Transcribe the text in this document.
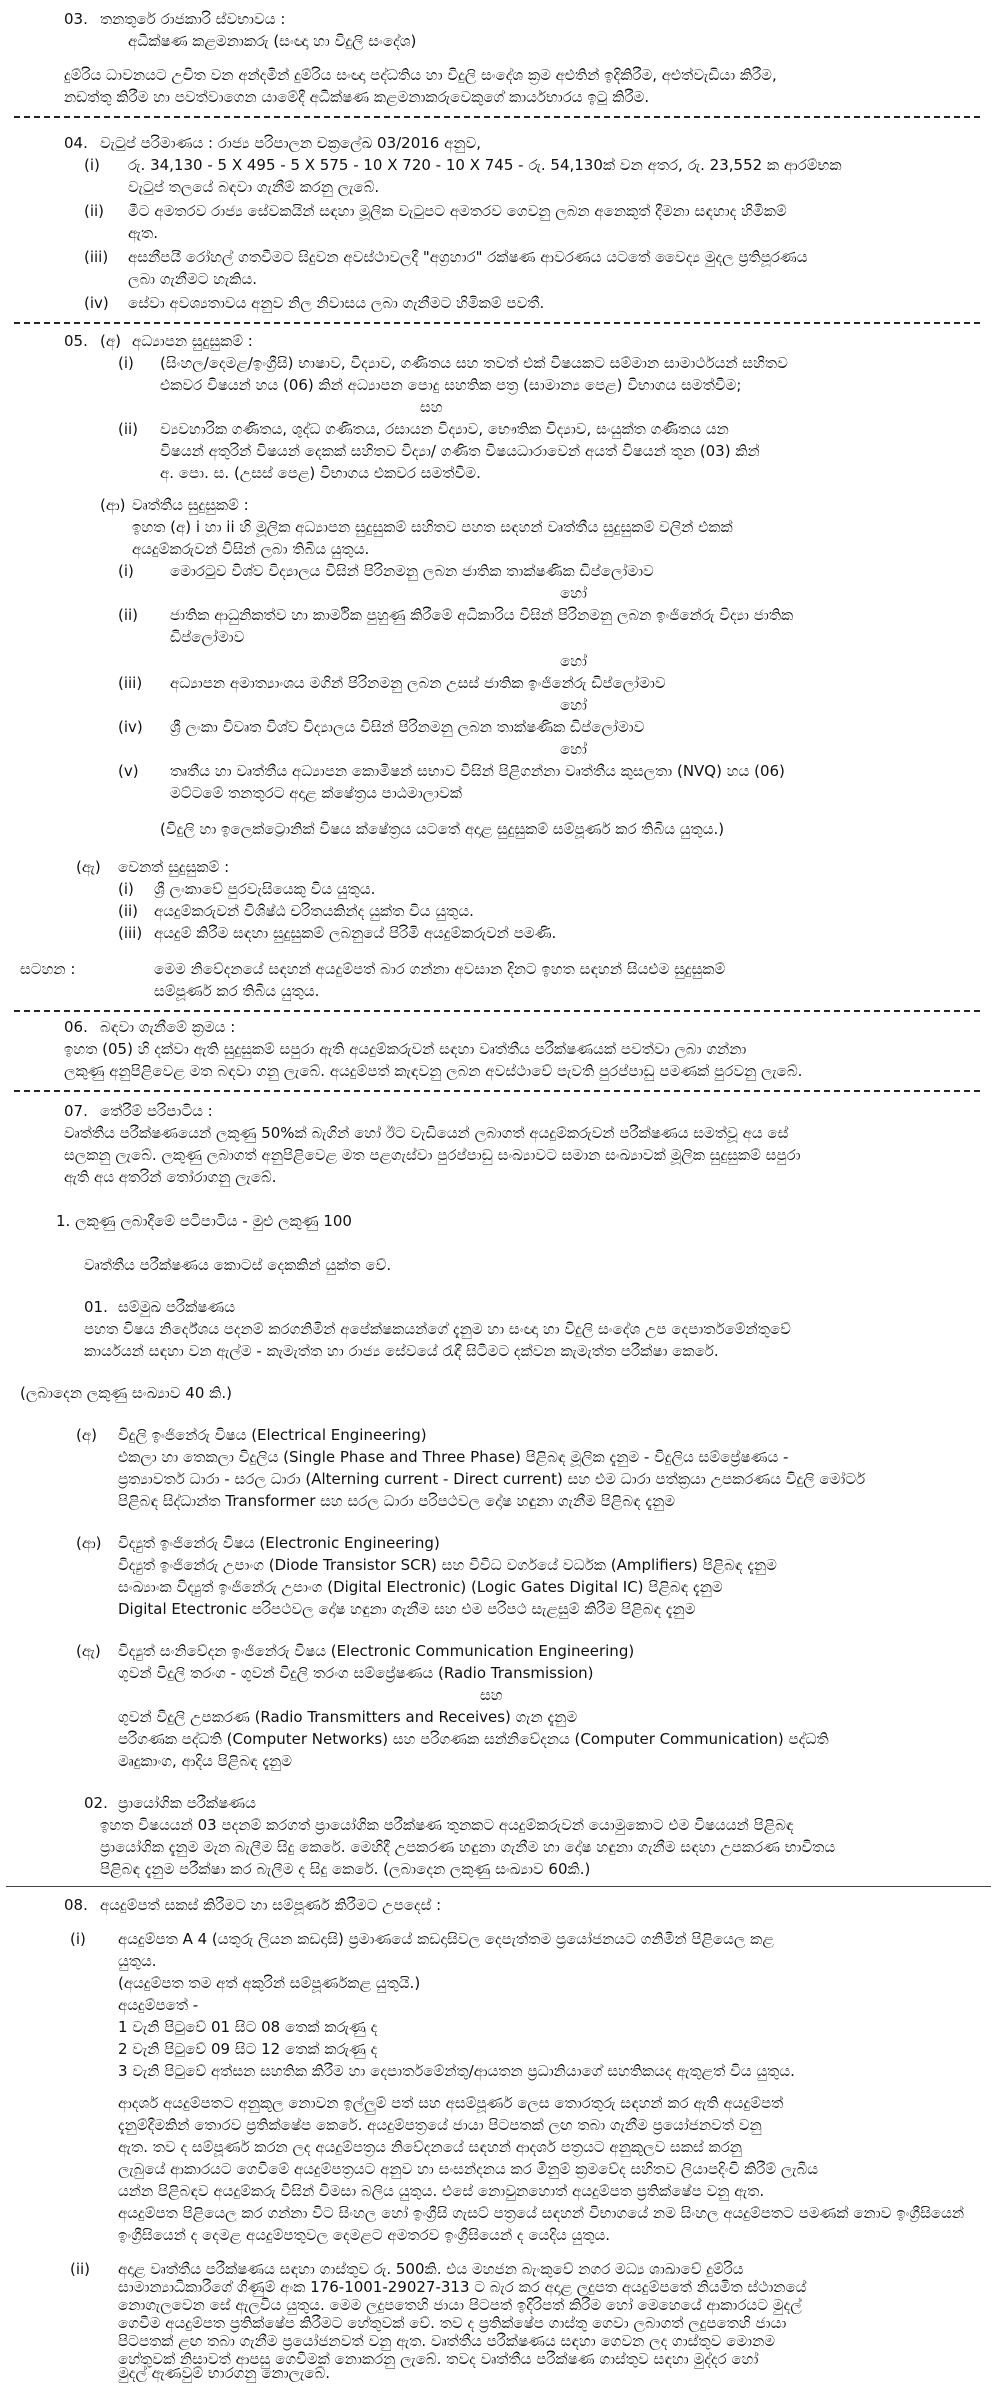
03. තනතුරේ රාජකාරි ස්වභාවය :
අධීක්ෂණ කළමනාකරු (සංඥා හා විදුලි සංදේශ)
දුම්රිය ධාවනයට උචිත වන අන්දමින් දුම්රිය සංඥා පද්ධතිය හා විදුලි සංදේශ ක්‍රම අළුතින් ඉදිකිරීම, අළුත්වැඩියා කිරීම,
නඩත්තු කිරීම හා පවත්වාගෙන යාමේදී අධීක්ෂණ කළමනාකරුවෙකුගේ කාර්යභාරය ඉටු කිරීම.
04. වැටුප් පරිමාණය : රාජ්‍ය පරිපාලන චක්‍රලේඛ 03/2016 අනුව,
(i) රු. 34,130 - 5 X 495 - 5 X 575 - 10 X 720 - 10 X 745 - රු. 54,130ක් වන අතර, රු. 23,552 ක ආරම්භක
වැටුප් තලයේ බඳවා ගැනීම් කරනු ලැබේ.
(ii) මීට අමතරව රාජ්‍ය සේවකයින් සඳහා මූලික වැටුපට අමතරව ගෙවනු ලබන අනෙකුත් දීමනා සඳහාද හිමිකම්
ඇත.
(iii) අසනීපයී රෝහල් ගතවීමට සිදුවන අවස්ථාවලදී "අග්‍රහාර" රක්ෂණ ආවරණය යටතේ වෛද්‍ය මුදල ප්‍රතිපූරණය
ලබා ගැනීමට හැකිය.
(iv) සේවා අවශ්‍යතාවය අනුව නිල නිවාසය ලබා ගැනීමට හිමිකම් පවතී.
05. (අ) අධ්‍යාපන සුදුසුකම් :
(i) (සිංහල/දෙමළ/ඉංග්‍රීසි) භාෂාව, විද්‍යාව, ගණිතය සහ තවත් එක් විෂයකට සම්මාන සාමාර්ථයන් සහිතව
එකවර විෂයන් හය (06) කින් අධ්‍යාපන පොදු සහතික පත්‍ර (සාමාන්‍ය පෙළ) විභාගය සමත්වීම;
සහ
(ii) ව්‍යවහාරික ගණිතය, ශුද්ධ ගණිතය, රසායන විද්‍යාව, භෞතික විද්‍යාව, සංයුක්ත ගණිතය යන
විෂයන් අතුරින් විෂයන් දෙකක් සහිතව විද්‍යා/ ගණිත විෂයධාරාවෙන් අයත් විෂයන් තුන (03) කින්
අ. පො. ස. (උසස් පෙළ) විභාගය එකවර සමත්වීම.
(ආ) වෘත්තීය සුදුසුකම් :
ඉහත (අ) i හා ii හි මූලික අධ්‍යාපන සුදුසුකම් සහිතව පහත සඳහන් වෘත්තීය සුදුසුකම් වලින් එකක්
අයදුම්කරුවන් විසින් ලබා තිබිය යුතුය.
(i) මොරටුව විශ්ව විද්‍යාලය විසින් පිරිනමනු ලබන ජාතික තාක්ෂණික ඩිප්ලෝමාව
හෝ
(ii) ජාතික ආධුනිකත්ව හා කාර්මික පුහුණු කිරීමේ අධිකාරිය විසින් පිරිනමනු ලබන ඉංජිනේරු විද්‍යා ජාතික
ඩිප්ලෝමාව
හෝ
(iii) අධ්‍යාපන අමාත්‍යාංශය මගින් පිරිනමනු ලබන උසස් ජාතික ඉංජිනේරු ඩිප්ලෝමාව
හෝ
(iv) ශ්‍රී ලංකා විවෘත විශ්ව විද්‍යාලය විසින් පිරිනමනු ලබන තාක්ෂණික ඩිප්ලෝමාව
හෝ
(v) තෘතීය හා වෘත්තීය අධ්‍යාපන කොමිෂන් සභාව විසින් පිළිගන්නා වෘත්තීය කුසලතා (NVQ) හය (06)
මට්ටමේ තනතුරට අදාළ ක්ෂේත්‍රය පාඨමාලාවක්
(විදුලි හා ඉලෙක්ට්‍රොනික් විෂය ක්ෂේත්‍රය යටතේ අදාළ සුදුසුකම් සම්පූර්ණ කර තිබිය යුතුය.)
(ඇ) වෙනත් සුදුසුකම් :
(i) ශ්‍රී ලංකාවේ පුරවැසියෙකු විය යුතුය.
(ii) අයදුම්කරුවන් විශිෂ්ඨ චරිතයකින්ද යුක්ත විය යුතුය.
(iii) අයදුම් කිරීම සඳහා සුදුසුකම් ලබනුයේ පිරිමි අයදුම්කරුවන් පමණි.
සටහන :	මෙම නිවේදනයේ සඳහන් අයදුම්පත් බාර ගන්නා අවසාන දිනට ඉහත සඳහන් සියළුම සුදුසුකම්
සම්පූර්ණ කර තිබිය යුතුය.
06. බඳවා ගැනීමේ ක්‍රමය :
ඉහත (05) හි දක්වා ඇති සුදුසුකම් සපුරා ඇති අයදුම්කරුවන් සඳහා වෘත්තීය පරීක්ෂණයක් පවත්වා ලබා ගන්නා
ලකුණු අනුපිළිවෙළ මත බඳවා ගනු ලැබේ. අයදුම්පත් කැඳවනු ලබන අවස්ථාවේ පැවති පුරප්පාඩු පමණක් පුරවනු ලැබේ.
07. තේරීම් පරිපාටිය :
වෘත්තීය පරීක්ෂණයෙන් ලකුණු 50%ක් බැගින් හෝ ඊට වැඩියෙන් ලබාගත් අයදුම්කරුවන් පරීක්ෂණය සමත්වූ අය සේ
සලකනු ලැබේ. ලකුණු ලබාගත් අනුපිළිවෙළ මත පළගැස්වා පුරප්පාඩු සංඛ්‍යාවට සමාන සංඛ්‍යාවක් මූලික සුදුසුකම් සපුරා
ඇති අය අතරින් තෝරාගනු ලැබේ.
1. ලකුණු ලබාදීමේ පටිපාටිය - මුළු ලකුණු 100
වෘත්තීය පරීක්ෂණය කොටස් දෙකකින් යුක්ත වේ.
01. සම්මුඛ පරීක්ෂණය
පහත විෂය නිර්දේශය පදනම් කරගනිමින් අපේක්ෂකයන්ගේ දැනුම හා සංඥා හා විදුලි සංදේශ උප දෙපාර්තමේන්තුවේ
කාර්යයන් සඳහා වන ඇල්ම - කැමැත්ත හා රාජ්‍ය සේවයේ රැඳී සිටීමට දක්වන කැමැත්ත පරීක්ෂා කෙරේ.
(ලබාදෙන ලකුණු සංඛ්‍යාව 40 කි.)
(අ) විදුලි ඉංජිනේරු විෂය (Electrical Engineering)
එකලා හා තෙකලා විදුලිය (Single Phase and Three Phase) පිළිබඳ මූලික දැනුම - විදුලිය සම්ප්‍රේෂණය -
ප්‍රත්‍යාවර්ත ධාරා - සරල ධාරා (Alterning current - Direct current) සහ එම ධාරා පත්ක්‍රයා උපකරණය විදුලි මෝටර්
පිළිබඳ සිද්ධාන්ත Transformer සහ සරල ධාරා පරිපථවල දෝෂ හඳුනා ගැනීම පිළිබඳ දැනුම
(ආ) විද්‍යුත් ඉංජිනේරු විෂය (Electronic Engineering)
විද්‍යුත් ඉංජිනේරු උපාංග (Diode Transistor SCR) සහ විවිධ වර්ගයේ වර්ධක (Amplifiers) පිළිබඳ දැනුම
සංඛ්‍යාංක විද්‍යුත් ඉංජිනේරු උපාංග (Digital Electronic) (Logic Gates Digital IC) පිළිබඳ දැනුම
Digital Etectronic පරිපථවල දෝෂ හඳුනා ගැනීම සහ එම පරිපථ සැළසුම් කිරීම පිළිබඳ දැනුම
(ඇ) විද්‍යුත් සංනිවේදන ඉංජිනේරු විෂය (Electronic Communication Engineering)
ගුවන් විදුලි තරංග - ගුවන් විදුලි තරංග සම්ප්‍රේෂණය (Radio Transmission)
සහ
ගුවන් විදුලි උපකරණ (Radio Transmitters and Receives) ගැන දැනුම
පරිගණක පද්ධති (Computer Networks) සහ පරිගණක සන්නිවේදනය (Computer Communication) පද්ධති
මෘදුකාංග, ආදිය පිළිබඳ දැනුම
02. ප්‍රායෝගික පරීක්ෂණය
ඉහත විෂයයන් 03 පදනම් කරගත් ප්‍රායෝගික පරීක්ෂණ තුනකට අයදුම්කරුවන් යොමුකොට එම විෂයයන් පිළිබඳ
ප්‍රායෝගික දැනුම මැන බැලීම සිදු කෙරේ. මෙහිදී උපකරණ හඳුනා ගැනීම හා දෝෂ හඳුනා ගැනීම සඳහා උපකරණ භාවිතය
පිළිබඳ දැනුම පරීක්ෂා කර බැලීම ද සිදු කෙරේ. (ලබාදෙන ලකුණු සංඛ්‍යාව 60කි.)
08. අයදුම්පත් සකස් කිරීමට හා සම්පූර්ණ කිරීමට උපදෙස් :
(i) අයදුම්පත A 4 (යතුරු ලියන කඩදාසි) ප්‍රමාණයේ කඩදාසිවල දෙපැත්තම ප්‍රයෝජනයට ගනිමින් පිළියෙල කළ
යුතුය.
(අයදුම්පත තම අත් අකුරින් සම්පූර්ණකළ යුතුයි.)
අයදුම්පතේ -
1 වැනි පිටුවේ 01 සිට 08 තෙක් කරුණු ද
2 වැනි පිටුවේ 09 සිට 12 තෙක් කරුණු ද
3 වැනි පිටුවේ අත්සන සහතික කිරීම හා දෙපාර්තමේන්තු/ආයතන ප්‍රධානියාගේ සහතිකයද ඇතුළත් විය යුතුය.
ආදර්ශ අයදුම්පතට අනුකූල නොවන ඉල්ලුම් පත් සහ අසම්පූර්ණ ලෙස තොරතුරු සඳහන් කර ඇති අයදුම්පත්
දැනුම්දීමකින් තොරව ප්‍රතික්ෂේප කෙරේ. අයදුම්පත්‍රයේ ජායා පිටපතක් ලඟ තබා ගැනීම ප්‍රයෝජනවත් වනු
ඇත. තව ද සම්පූර්ණ කරන ලද අයදුම්පත්‍රය නිවේදනයේ සඳහන් ආදර්ශ පත්‍රයට අනුකූලව සකස් කරනු
ලැබුයේ ආකාරයට ගෙවීමේ අයදුම්පත්‍රයට අනුව හා සංසන්දනය කර මිනුම් ක්‍රමවේද සහිතව ලියාපදිංචි කිරීම් ලැබිය
යන්න පිළිබඳව අයදුම්කරු විසින් විමසා බලිය යුතුය. එසේ නොවුනහොත් අයදුම්පත ප්‍රතික්ෂේප වනු ඇත.
අයදුම්පත පිළියෙල කර ගන්නා විට සිංහල හෝ ඉංග්‍රීසි ගැසට් පත්‍රයේ සඳහන් විභාගයේ නම සිංහල අයදුම්පතට පමණක් නොව ඉංග්‍රීසියෙන්
ඉංග්‍රීසියෙන් ද දෙමළ අයදුම්පතුවල දෙමළට අමතරව ඉංග්‍රීසියෙන් ද යෙදිය යුතුය.
(ii) අදාළ වෘත්තීය පරීක්ෂණය සඳහා ගාස්තුව රු. 500කි. එය මහජන බැංකුවේ නගර මධ්‍ය ශාඛාවේ දුම්රිය
සාමාන්‍යාධිකාරීගේ ගිණුම් අංක 176-1001-29027-313 ට බැර කර අදාළ ලදුපත අයදුම්පතේ නියමිත ස්ථානයේ
නොගැලවෙන සේ ඇලවිය යුතුය. මෙම ලදුපතෙහි ජායා පිටපත් ඉදිරිපත් කිරීම හෝ මෙහෙයේ ආකාරයට මුදල්
ගෙවීම අයදුම්පත ප්‍රතික්ෂේප කිරීමට හේතුවක් වේ. තව ද ප්‍රතික්ෂේප ගාස්තු ගෙවා ලබාගත් ලදුපතෙහි ජායා
පිටපතක් ළඟ තබා ගැනීම ප්‍රයෝජනවත් වනු ඇත. වෘත්තීය පරීක්ෂණය සඳහා ගෙවන ලද ගාස්තුව මොනම
හේතුවක් නිසාවත් ආපසු ගෙවීමක් නොකරනු ලැබේ. තවද වෘත්තීය පරීක්ෂණ ගාස්තුව සඳහා මුද්දර හෝ
මුදල් ඇණවුම් භාරගනු නොලැබේ.
